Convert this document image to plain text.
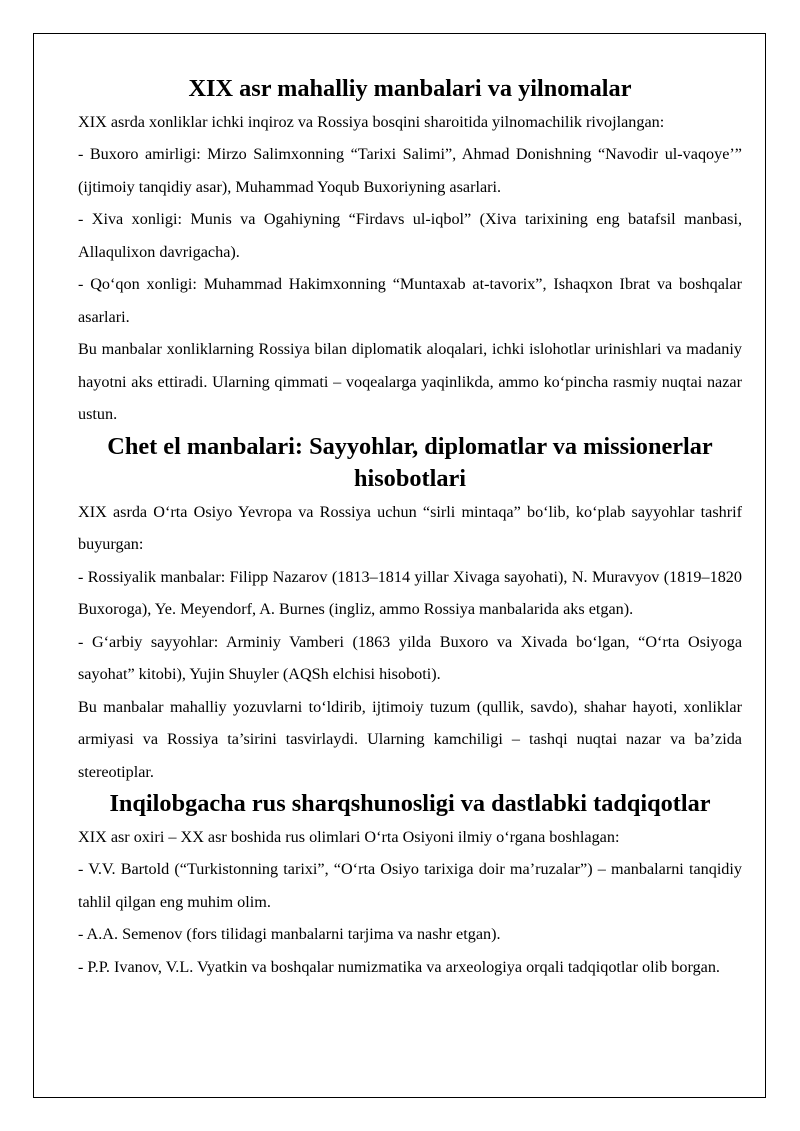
XIX asr mahalliy manbalari va yilnomalar

XIX asrda xonliklar ichki inqiroz va Rossiya bosqini sharoitida yilnomachilik rivojlangan:

- Buxoro amirligi: Mirzo Salimxonning “Tarixi Salimi”, Ahmad Donishning “Navodir ul-vaqoye’” (ijtimoiy tanqidiy asar), Muhammad Yoqub Buxoriyning asarlari.

- Xiva xonligi: Munis va Ogahiyning “Firdavs ul-iqbol” (Xiva tarixining eng batafsil manbasi, Allaqulixon davrigacha).

- Qo‘qon xonligi: Muhammad Hakimxonning “Muntaxab at-tavorix”, Ishaqxon Ibrat va boshqalar asarlari.

Bu manbalar xonliklarning Rossiya bilan diplomatik aloqalari, ichki islohotlar urinishlari va madaniy hayotni aks ettiradi. Ularning qimmati – voqealarga yaqinlikda, ammo ko‘pincha rasmiy nuqtai nazar ustun.

Chet el manbalari: Sayyohlar, diplomatlar va missionerlar hisobotlari

XIX asrda O‘rta Osiyo Yevropa va Rossiya uchun “sirli mintaqa” bo‘lib, ko‘plab sayyohlar tashrif buyurgan:

- Rossiyalik manbalar: Filipp Nazarov (1813–1814 yillar Xivaga sayohati), N. Muravyov (1819–1820 Buxoroga), Ye. Meyendorf, A. Burnes (ingliz, ammo Rossiya manbalarida aks etgan).

- G‘arbiy sayyohlar: Arminiy Vamberi (1863 yilda Buxoro va Xivada bo‘lgan, “O‘rta Osiyoga sayohat” kitobi), Yujin Shuyler (AQSh elchisi hisoboti).

Bu manbalar mahalliy yozuvlarni to‘ldirib, ijtimoiy tuzum (qullik, savdo), shahar hayoti, xonliklar armiyasi va Rossiya ta’sirini tasvirlaydi. Ularning kamchiligi – tashqi nuqtai nazar va ba’zida stereotiplar.

Inqilobgacha rus sharqshunosligi va dastlabki tadqiqotlar

XIX asr oxiri – XX asr boshida rus olimlari O‘rta Osiyoni ilmiy o‘rgana boshlagan:

- V.V. Bartold (“Turkistonning tarixi”, “O‘rta Osiyo tarixiga doir ma’ruzalar”) – manbalarni tanqidiy tahlil qilgan eng muhim olim.

- A.A. Semenov (fors tilidagi manbalarni tarjima va nashr etgan).

- P.P. Ivanov, V.L. Vyatkin va boshqalar numizmatika va arxeologiya orqali tadqiqotlar olib borgan.
